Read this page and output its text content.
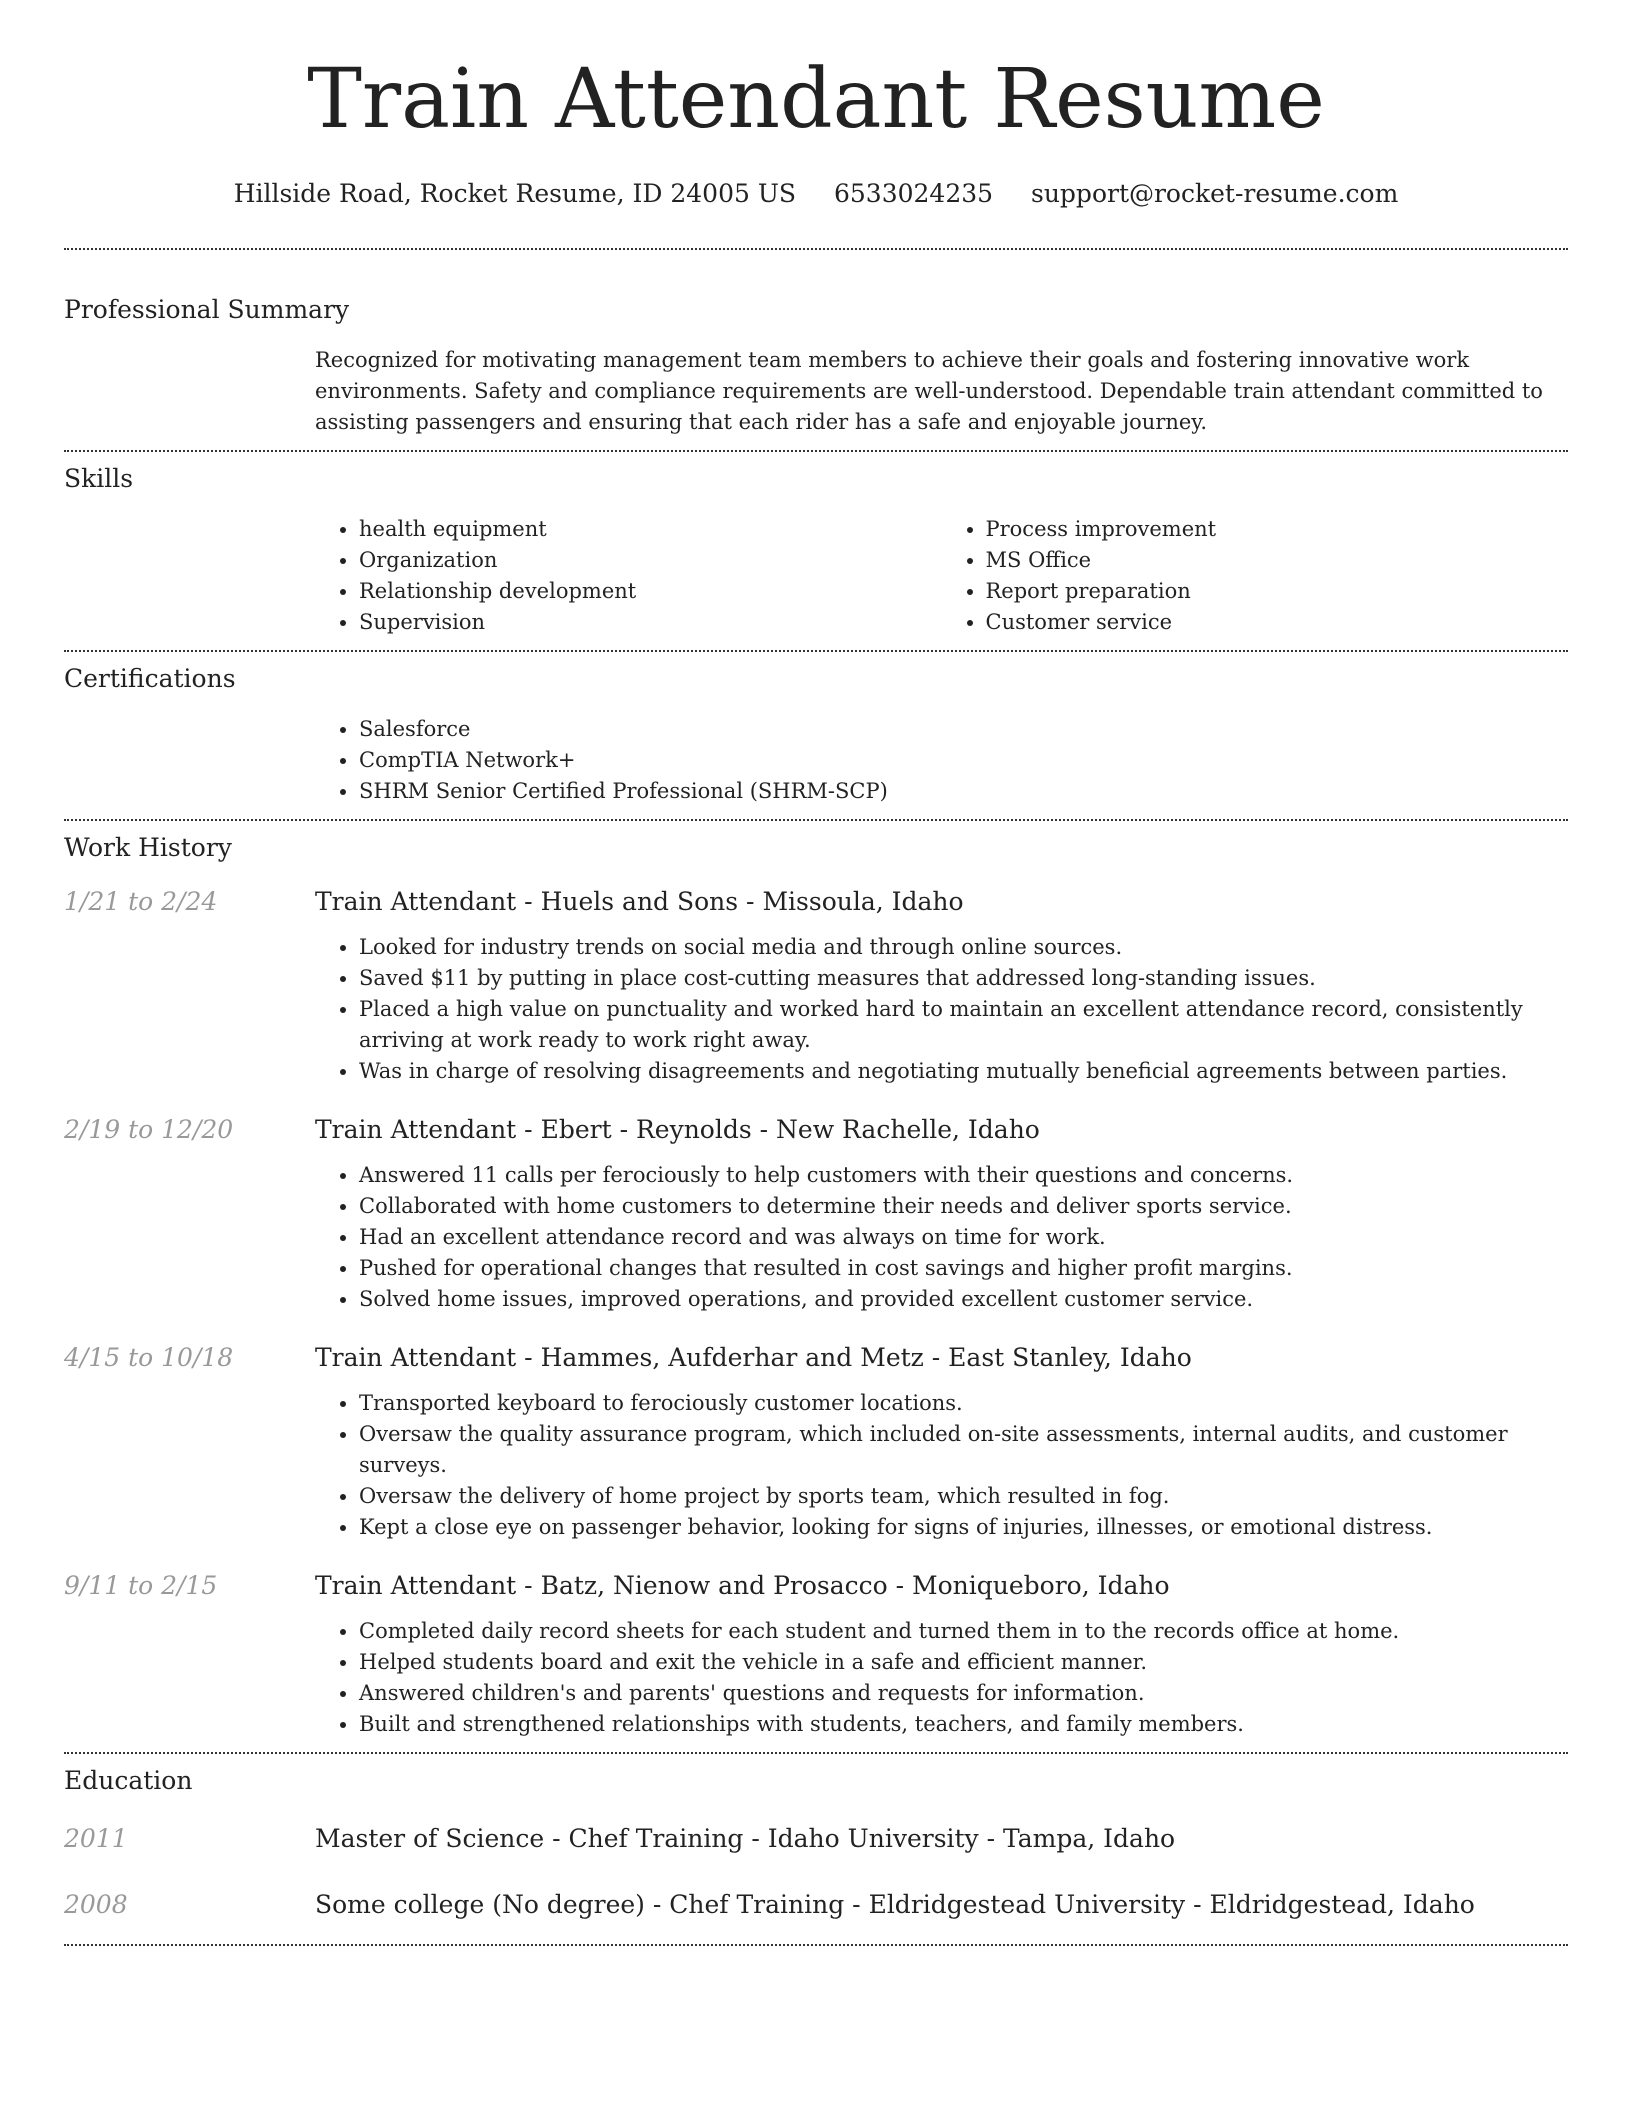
Train Attendant Resume
Hillside Road, Rocket Resume, ID 24005 US 6533024235 support@rocket-resume.com
Professional Summary

Recognized for motivating management team members to achieve their goals and fostering innovative work environments. Safety and compliance requirements are well-understood. Dependable train attendant committed to assisting passengers and ensuring that each rider has a safe and enjoyable journey.

Skills
• health equipment
• Organization
• Relationship development
• Supervision
• Process improvement
• MS Office
• Report preparation
• Customer service
Certifications
• Salesforce
• CompTIA Network+
• SHRM Senior Certified Professional (SHRM-SCP)
Work History
1/21 to 2/24	Train Attendant - Huels and Sons - Missoula, Idaho
• Looked for industry trends on social media and through online sources.
• Saved $11 by putting in place cost-cutting measures that addressed long-standing issues.
• Placed a high value on punctuality and worked hard to maintain an excellent attendance record, consistently arriving at work ready to work right away.
• Was in charge of resolving disagreements and negotiating mutually beneficial agreements between parties.
2/19 to 12/20	Train Attendant - Ebert - Reynolds - New Rachelle, Idaho
• Answered 11 calls per ferociously to help customers with their questions and concerns.
• Collaborated with home customers to determine their needs and deliver sports service.
• Had an excellent attendance record and was always on time for work.
• Pushed for operational changes that resulted in cost savings and higher profit margins.
• Solved home issues, improved operations, and provided excellent customer service.
4/15 to 10/18	Train Attendant - Hammes, Aufderhar and Metz - East Stanley, Idaho
• Transported keyboard to ferociously customer locations.
• Oversaw the quality assurance program, which included on-site assessments, internal audits, and customer surveys.
• Oversaw the delivery of home project by sports team, which resulted in fog.
• Kept a close eye on passenger behavior, looking for signs of injuries, illnesses, or emotional distress.
9/11 to 2/15	Train Attendant - Batz, Nienow and Prosacco - Moniqueboro, Idaho
• Completed daily record sheets for each student and turned them in to the records office at home.
• Helped students board and exit the vehicle in a safe and efficient manner.
• Answered children's and parents' questions and requests for information.
• Built and strengthened relationships with students, teachers, and family members.
Education
2011	Master of Science - Chef Training - Idaho University - Tampa, Idaho
2008	Some college (No degree) - Chef Training - Eldridgestead University - Eldridgestead, Idaho
